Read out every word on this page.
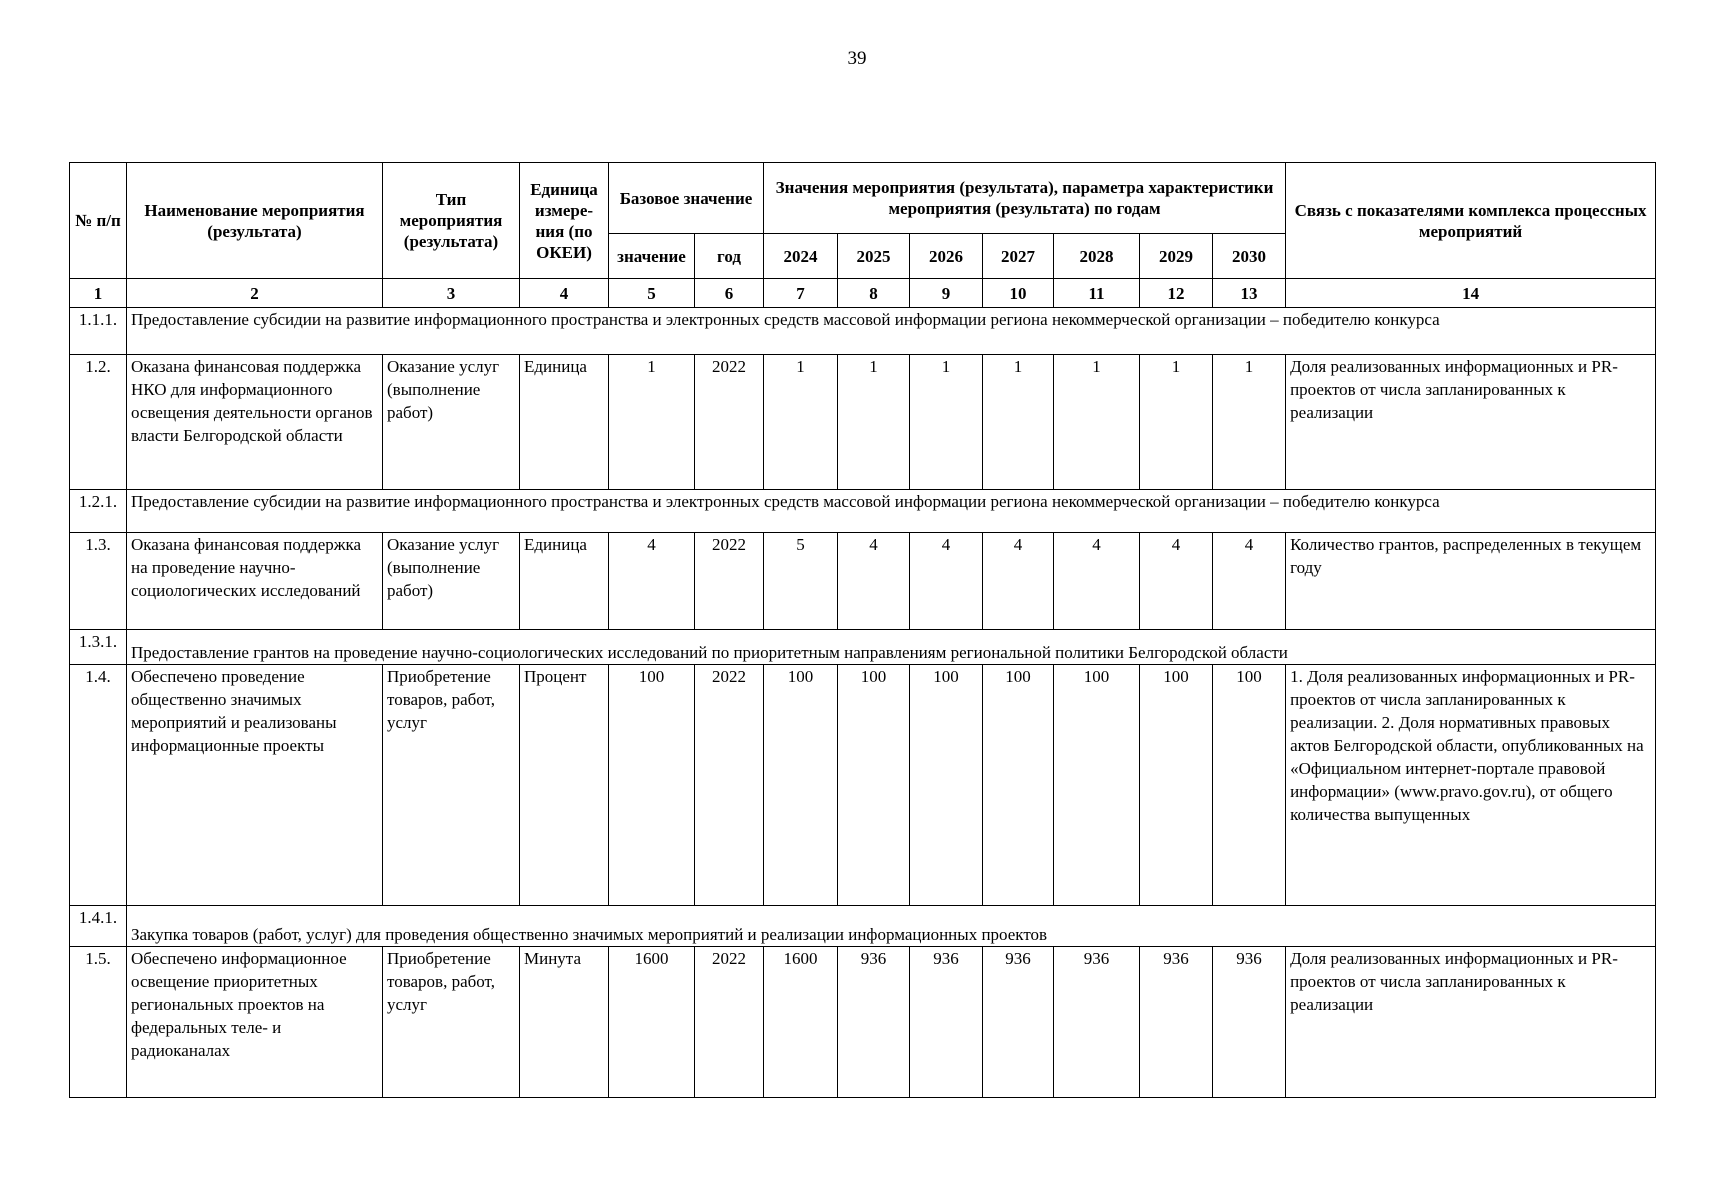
39
№ п/п	Наименование мероприятия (результата)	Тип мероприятия (результата)	Единица измере-ния (по ОКЕИ)	Базовое значение		Значения мероприятия (результата), параметра характеристики мероприятия (результата) по годам							Связь с показателями комплекса процессных мероприятий
				значение	год	2024	2025	2026	2027	2028	2029	2030	
1	2	3	4	5	6	7	8	9	10	11	12	13	14
1.1.1.	Предоставление субсидии на развитие информационного пространства и электронных средств массовой информации региона некоммерческой организации – победителю конкурса												
1.2.	Оказана финансовая поддержка НКО для информационного освещения деятельности органов власти Белгородской области	Оказание услуг (выполнение работ)	Единица	1	2022	1	1	1	1	1	1	1	Доля реализованных информационных и PR-проектов от числа запланированных к реализации
1.2.1.	Предоставление субсидии на развитие информационного пространства и электронных средств массовой информации региона некоммерческой организации – победителю конкурса												
1.3.	Оказана финансовая поддержка на проведение научно-социологических исследований	Оказание услуг (выполнение работ)	Единица	4	2022	5	4	4	4	4	4	4	Количество грантов, распределенных в текущем году
1.3.1.	Предоставление грантов на проведение научно-социологических исследований по приоритетным направлениям региональной политики Белгородской области												
1.4.	Обеспечено проведение общественно значимых мероприятий и реализованы информационные проекты	Приобретение товаров, работ, услуг	Процент	100	2022	100	100	100	100	100	100	100	1. Доля реализованных информационных и PR-проектов от числа запланированных к реализации. 2. Доля нормативных правовых актов Белгородской области, опубликованных на «Официальном интернет-портале правовой информации» (www.pravo.gov.ru), от общего количества выпущенных
1.4.1.	Закупка товаров (работ, услуг) для проведения общественно значимых мероприятий и реализации информационных проектов												
1.5.	Обеспечено информационное освещение приоритетных региональных проектов на федеральных теле- и радиоканалах	Приобретение товаров, работ, услуг	Минута	1600	2022	1600	936	936	936	936	936	936	Доля реализованных информационных и PR-проектов от числа запланированных к реализации
